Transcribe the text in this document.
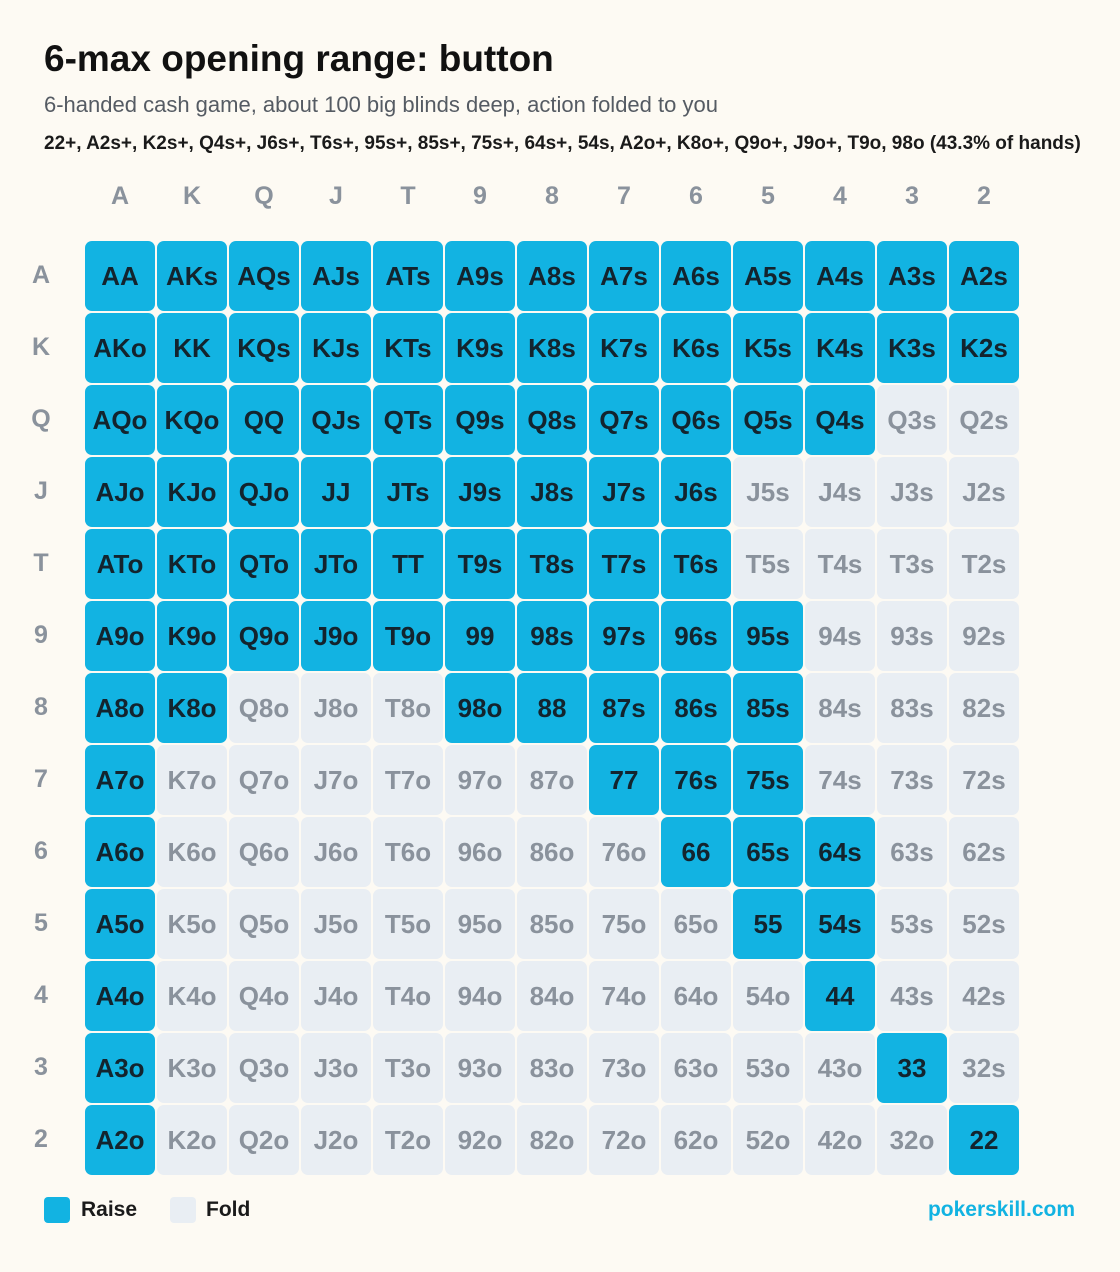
6-max opening range: button
6-handed cash game, about 100 big blinds deep, action folded to you
22+, A2s+, K2s+, Q4s+, J6s+, T6s+, 95s+, 85s+, 75s+, 64s+, 54s, A2o+, K8o+, Q9o+, J9o+, T9o, 98o (43.3% of hands)
A	K	Q	J	T	9	8	7	6	5	4	3	2
A
K
Q
J
T
9
8
7
6
5
4
3
2
AA	AKs AQs AJs ATs A9s A8s A7s A6s A5s A4s A3s A2s
AKo	KK	KQs KJs KTs K9s K8s K7s K6s K5s K4s K3s K2s
AQo KQo QQ	QJs QTs Q9s Q8s Q7s Q6s Q5s Q4s Q3s Q2s
AJo KJo QJo	JJ	JTs	J9s	J8s	J7s	J6s	J5s	J4s	J3s	J2s
ATo KTo QTo JTo	TT	T9s	T8s	T7s	T6s	T5s	T4s	T3s	T2s
A9o K9o Q9o J9o	T9o	99	98s	97s	96s	95s	94s	93s	92s
A8o K8o Q8o J8o	T8o	98o	88	87s	86s	85s	84s	83s	82s
A7o K7o Q7o J7o	T7o	97o	87o	77	76s	75s	74s	73s	72s
A6o K6o Q6o J6o	T6o	96o	86o	76o	66	65s	64s	63s	62s
A5o K5o Q5o J5o	T5o	95o	85o	75o	65o	55	54s	53s	52s
A4o K4o Q4o J4o	T4o	94o	84o	74o	64o	54o	44	43s	42s
A3o K3o Q3o J3o	T3o	93o	83o	73o	63o	53o	43o	33	32s
A2o K2o Q2o J2o	T2o	92o	82o	72o	62o	52o	42o	32o	22
Raise	Fold	pokerskill.com
